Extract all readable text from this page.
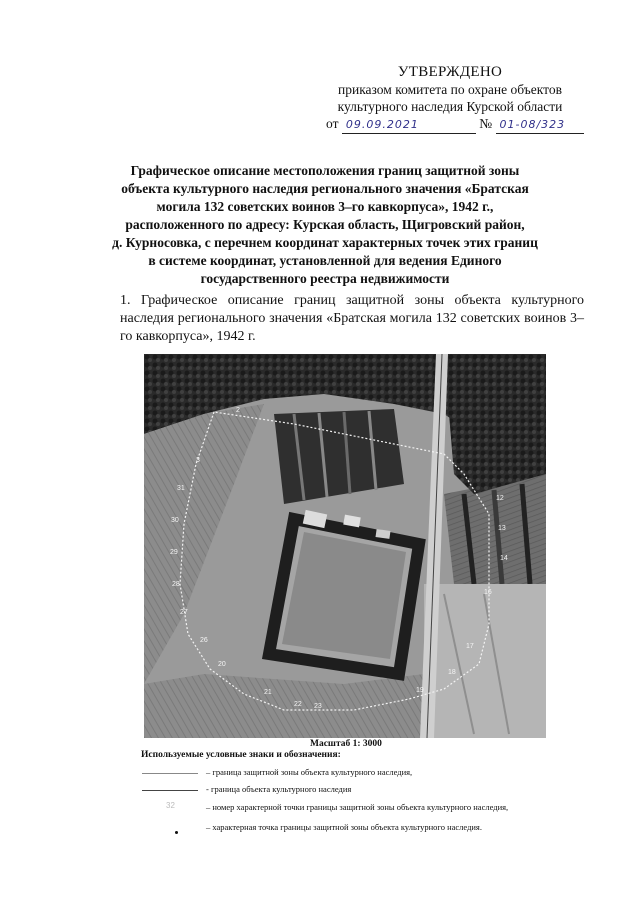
УТВЕРЖДЕНО
приказом комитета по охране объектов
культурного наследия Курской области
от 09.09.2021	№ 01-08/323
Графическое описание местоположения границ защитной зоны
объекта культурного наследия регионального значения «Братская
могила 132 советских воинов 3–го кавкорпуса», 1942 г.,
расположенного по адресу: Курская область, Щигровский район,
д. Курносовка, с перечнем координат характерных точек этих границ
в системе координат, установленной для ведения Единого
государственного реестра недвижимости
1. Графическое описание границ защитной зоны объекта культурного наследия регионального значения «Братская могила 132 советских воинов 3–го кавкорпуса», 1942 г.
2
3
31
30
29
28
27
26
20
21
22 23
19
18
17
16
14
13
12
Масштаб 1: 3000
Используемые условные знаки и обозначения:
– граница защитной зоны объекта культурного наследия,
- граница объекта культурного наследия
32	– номер характерной точки границы защитной зоны объекта культурного наследия,
– характерная точка границы защитной зоны объекта культурного наследия.
